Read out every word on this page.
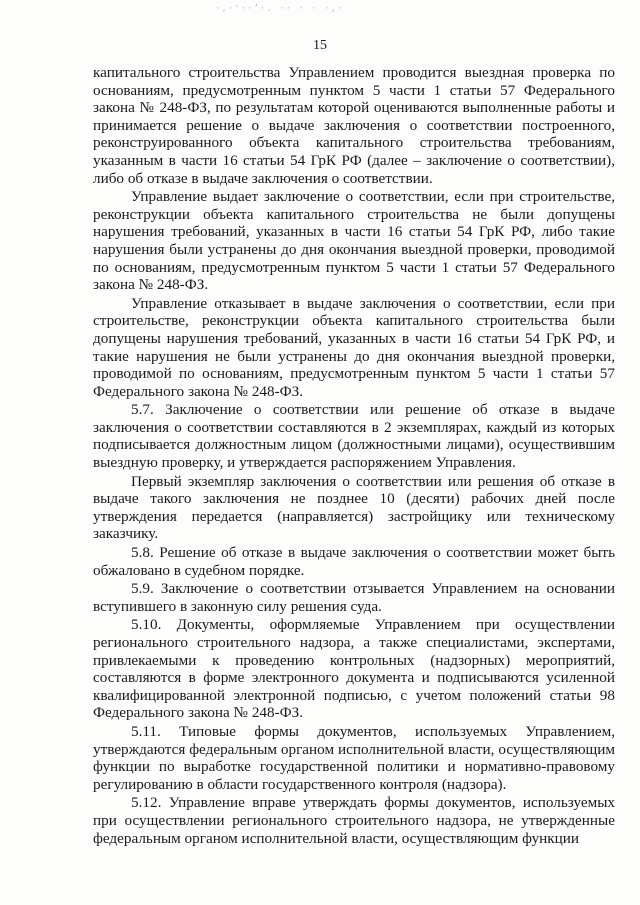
·,·'··’·. ·· · · ·,·
15

капитального строительства Управлением проводится выездная проверка по основаниям, предусмотренным пунктом 5 части 1 статьи 57 Федерального закона № 248-ФЗ, по результатам которой оцениваются выполненные работы и принимается решение о выдаче заключения о соответствии построенного, реконструированного объекта капитального строительства требованиям, указанным в части 16 статьи 54 ГрК РФ (далее – заключение о соответствии), либо об отказе в выдаче заключения о соответствии.

Управление выдает заключение о соответствии, если при строительстве, реконструкции объекта капитального строительства не были допущены нарушения требований, указанных в части 16 статьи 54 ГрК РФ, либо такие нарушения были устранены до дня окончания выездной проверки, проводимой по основаниям, предусмотренным пунктом 5 части 1 статьи 57 Федерального закона № 248-ФЗ.

Управление отказывает в выдаче заключения о соответствии, если при строительстве, реконструкции объекта капитального строительства были допущены нарушения требований, указанных в части 16 статьи 54 ГрК РФ, и такие нарушения не были устранены до дня окончания выездной проверки, проводимой по основаниям, предусмотренным пунктом 5 части 1 статьи 57 Федерального закона № 248-ФЗ.

5.7. Заключение о соответствии или решение об отказе в выдаче заключения о соответствии составляются в 2 экземплярах, каждый из которых подписывается должностным лицом (должностными лицами), осуществившим выездную проверку, и утверждается распоряжением Управления.

Первый экземпляр заключения о соответствии или решения об отказе в выдаче такого заключения не позднее 10 (десяти) рабочих дней после утверждения передается (направляется) застройщику или техническому заказчику.

5.8. Решение об отказе в выдаче заключения о соответствии может быть обжаловано в судебном порядке.

5.9. Заключение о соответствии отзывается Управлением на основании вступившего в законную силу решения суда.

5.10. Документы, оформляемые Управлением при осуществлении регионального строительного надзора, а также специалистами, экспертами, привлекаемыми к проведению контрольных (надзорных) мероприятий, составляются в форме электронного документа и подписываются усиленной квалифицированной электронной подписью, с учетом положений статьи 98 Федерального закона № 248-ФЗ.

5.11. Типовые формы документов, используемых Управлением, утверждаются федеральным органом исполнительной власти, осуществляющим функции по выработке государственной политики и нормативно-правовому регулированию в области государственного контроля (надзора).

5.12. Управление вправе утверждать формы документов, используемых при осуществлении регионального строительного надзора, не утвержденные федеральным органом исполнительной власти, осуществляющим функции
